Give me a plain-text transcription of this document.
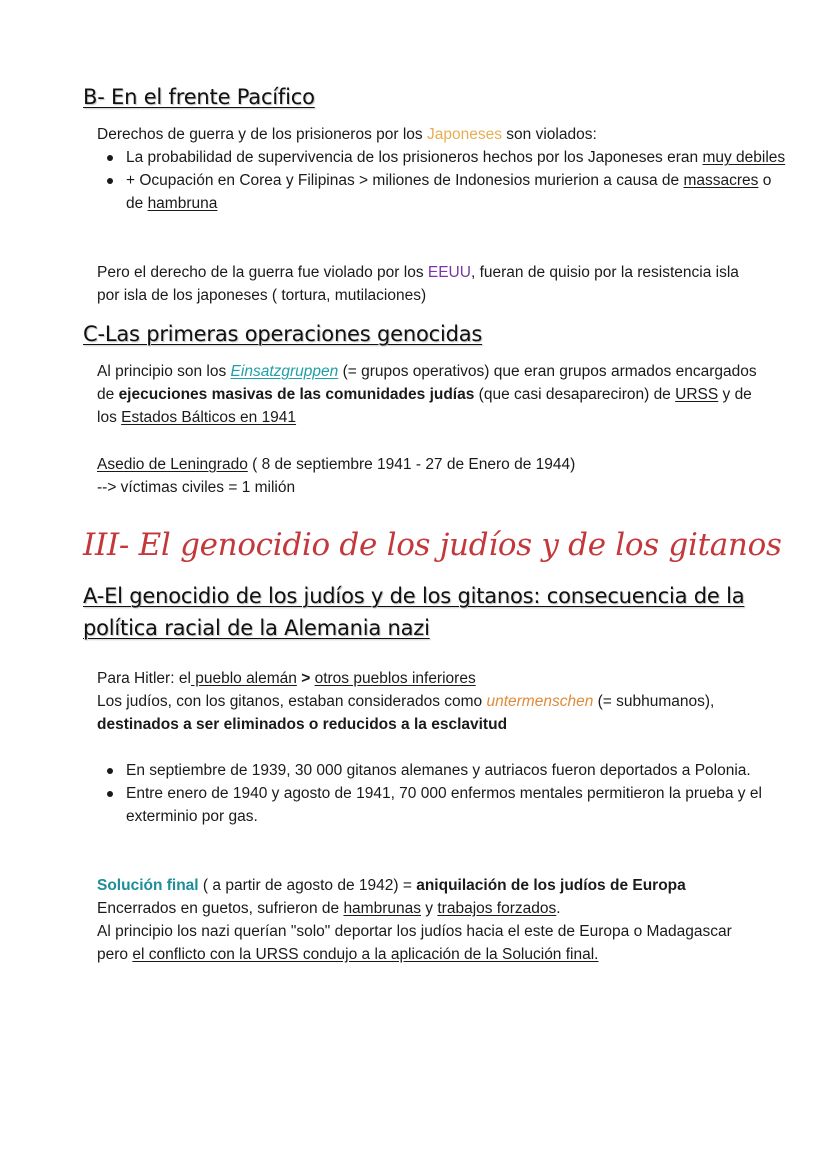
B- En el frente Pacífico

Derechos de guerra y de los prisioneros por los Japoneses son violados:

La probabilidad de supervivencia de los prisioneros hechos por los Japoneses eran muy debiles
+ Ocupación en Corea y Filipinas > miliones de Indonesios murierion a causa de massacres o de hambruna

Pero el derecho de la guerra fue violado por los EEUU, fueran de quisio por la resistencia isla por isla de los japoneses ( tortura, mutilaciones)

C-Las primeras operaciones genocidas

Al principio son los Einsatzgruppen (= grupos operativos) que eran grupos armados encargados de ejecuciones masivas de las comunidades judías (que casi desapareciron) de URSS y de los Estados Bálticos en 1941

Asedio de Leningrado ( 8 de septiembre 1941 - 27 de Enero de 1944)
--> víctimas civiles = 1 milión

III- El genocidio de los judíos y de los gitanos
A-El genocidio de los judíos y de los gitanos: consecuencia de la política racial de la Alemania nazi

Para Hitler: el pueblo alemán > otros pueblos inferiores
Los judíos, con los gitanos, estaban considerados como untermenschen (= subhumanos), destinados a ser eliminados o reducidos a la esclavitud

En septiembre de 1939, 30 000 gitanos alemanes y autriacos fueron deportados a Polonia.
Entre enero de 1940 y agosto de 1941, 70 000 enfermos mentales permitieron la prueba y el exterminio por gas.

Solución final ( a partir de agosto de 1942) = aniquilación de los judíos de Europa
Encerrados en guetos, sufrieron de hambrunas y trabajos forzados.
Al principio los nazi querían "solo" deportar los judíos hacia el este de Europa o Madagascar pero el conflicto con la URSS condujo a la aplicación de la Solución final.
